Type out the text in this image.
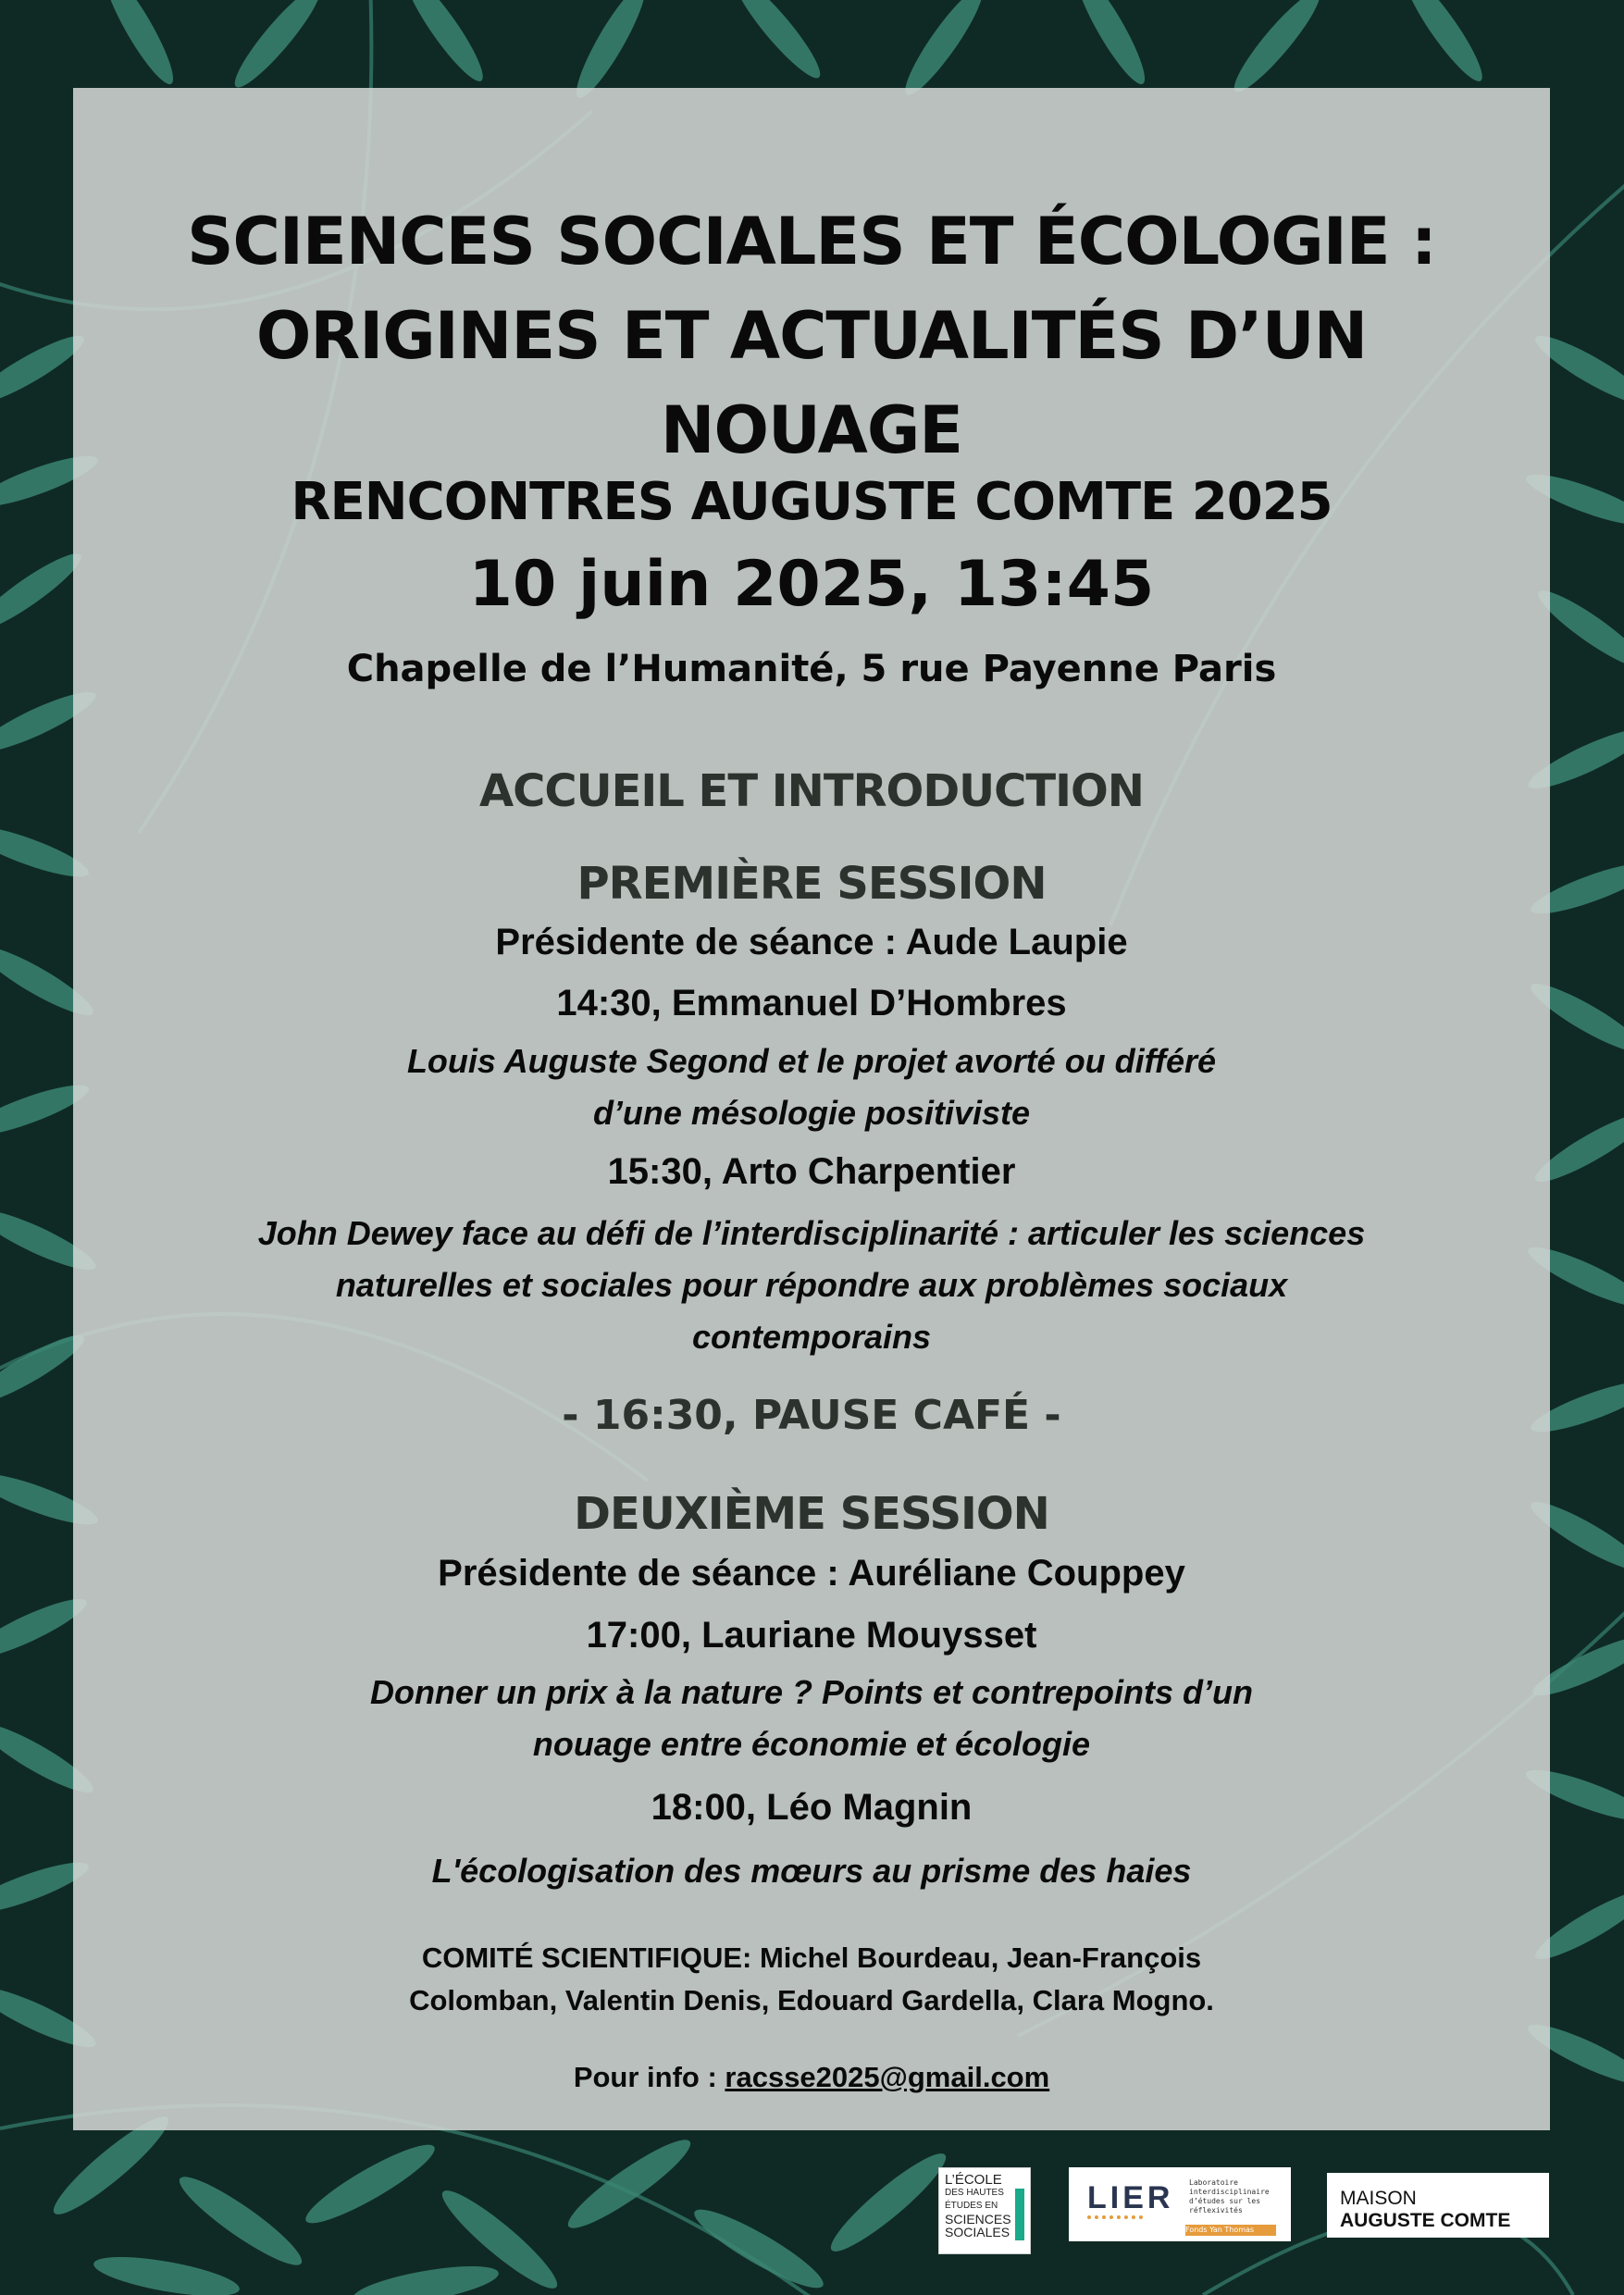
SCIENCES SOCIALES ET ÉCOLOGIE :
ORIGINES ET ACTUALITÉS D’UN
NOUAGE
RENCONTRES AUGUSTE COMTE 2025
10 juin 2025, 13:45
Chapelle de l’Humanité, 5 rue Payenne Paris
ACCUEIL ET INTRODUCTION
PREMIÈRE SESSION
Présidente de séance : Aude Laupie
14:30, Emmanuel D’Hombres
Louis Auguste Segond et le projet avorté ou différé
d’une mésologie positiviste
15:30, Arto Charpentier
John Dewey face au défi de l’interdisciplinarité : articuler les sciences
naturelles et sociales pour répondre aux problèmes sociaux
contemporains
- 16:30, PAUSE CAFÉ -
DEUXIÈME SESSION
Présidente de séance : Auréliane Couppey
17:00, Lauriane Mouysset
Donner un prix à la nature ? Points et contrepoints d’un
nouage entre économie et écologie
18:00, Léo Magnin
L'écologisation des mœurs au prisme des haies
COMITÉ SCIENTIFIQUE: Michel Bourdeau, Jean-François
Colomban, Valentin Denis, Edouard Gardella, Clara Mogno.
Pour info : racsse2025@gmail.com
L’ÉCOLE
DES HAUTES
ÉTUDES EN
SCIENCES
SOCIALES
LIER Laboratoire interdisciplinaire d’études sur les réflexivités
Fonds Yan Thomas
MAISON
AUGUSTE COMTE
